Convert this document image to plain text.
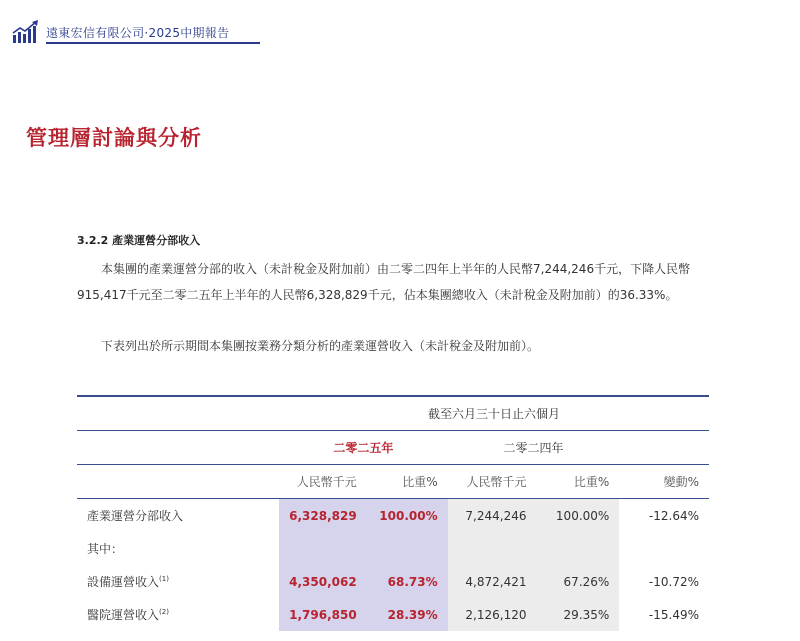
遠東宏信有限公司·2025中期報告
管理層討論與分析
3.2.2 產業運營分部收入

本集團的產業運營分部的收入（未計稅金及附加前）由二零二四年上半年的人民幣7,244,246千元，下降人民幣915,417千元至二零二五年上半年的人民幣6,328,829千元，佔本集團總收入（未計稅金及附加前）的36.33%。

下表列出於所示期間本集團按業務分類分析的產業運營收入（未計稅金及附加前）。

	截至六月三十日止六個月				
	二零二五年		二零二四年		
	人民幣千元	比重%	人民幣千元	比重%	變動%
產業運營分部收入	6,328,829	100.00%	7,244,246	100.00%	-12.64%
其中：					
設備運營收入$^{(1)}$	4,350,062	68.73%	4,872,421	67.26%	-10.72%
醫院運營收入$^{(2)}$	1,796,850	28.39%	2,126,120	29.35%	-15.49%
